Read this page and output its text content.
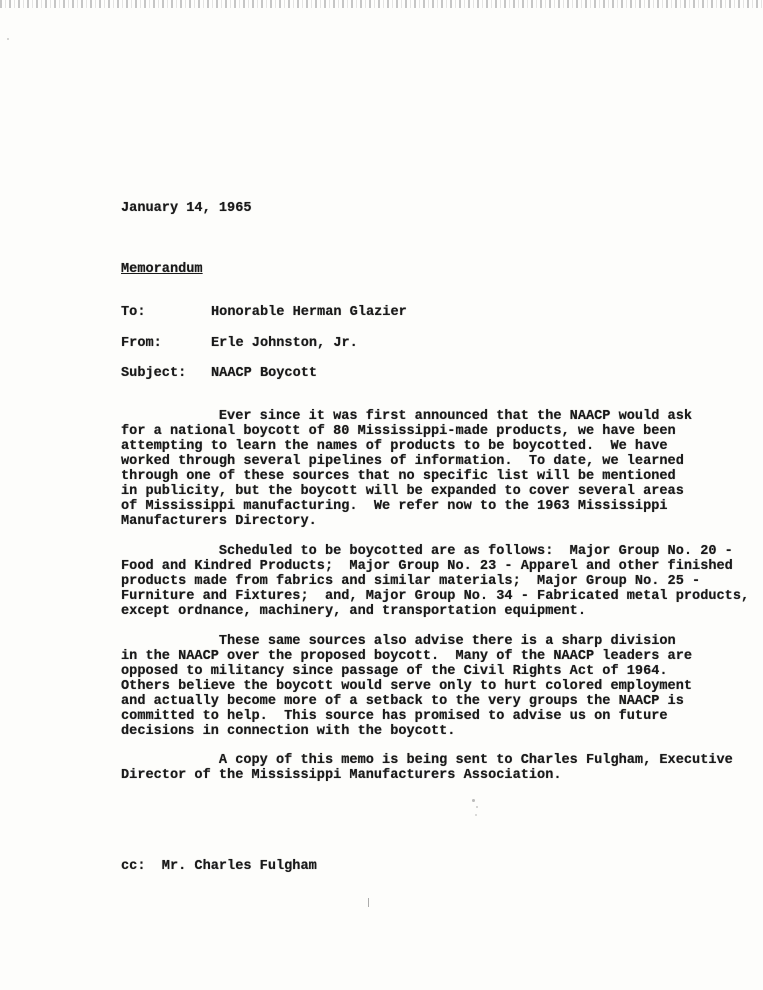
January 14, 1965
Memorandum
To:	Honorable Herman Glazier
From:	Erle Johnston, Jr.
Subject: NAACP Boycott
Ever since it was first announced that the NAACP would ask
for a national boycott of 80 Mississippi-made products, we have been
attempting to learn the names of products to be boycotted.  We have
worked through several pipelines of information.  To date, we learned
through one of these sources that no specific list will be mentioned
in publicity, but the boycott will be expanded to cover several areas
of Mississippi manufacturing.  We refer now to the 1963 Mississippi
Manufacturers Directory.
Scheduled to be boycotted are as follows:  Major Group No. 20 -
Food and Kindred Products;  Major Group No. 23 - Apparel and other finished
products made from fabrics and similar materials;  Major Group No. 25 -
Furniture and Fixtures;  and, Major Group No. 34 - Fabricated metal products,
except ordnance, machinery, and transportation equipment.
These same sources also advise there is a sharp division
in the NAACP over the proposed boycott.  Many of the NAACP leaders are
opposed to militancy since passage of the Civil Rights Act of 1964.
Others believe the boycott would serve only to hurt colored employment
and actually become more of a setback to the very groups the NAACP is
committed to help.  This source has promised to advise us on future
decisions in connection with the boycott.
A copy of this memo is being sent to Charles Fulgham, Executive
Director of the Mississippi Manufacturers Association.
cc:  Mr. Charles Fulgham
